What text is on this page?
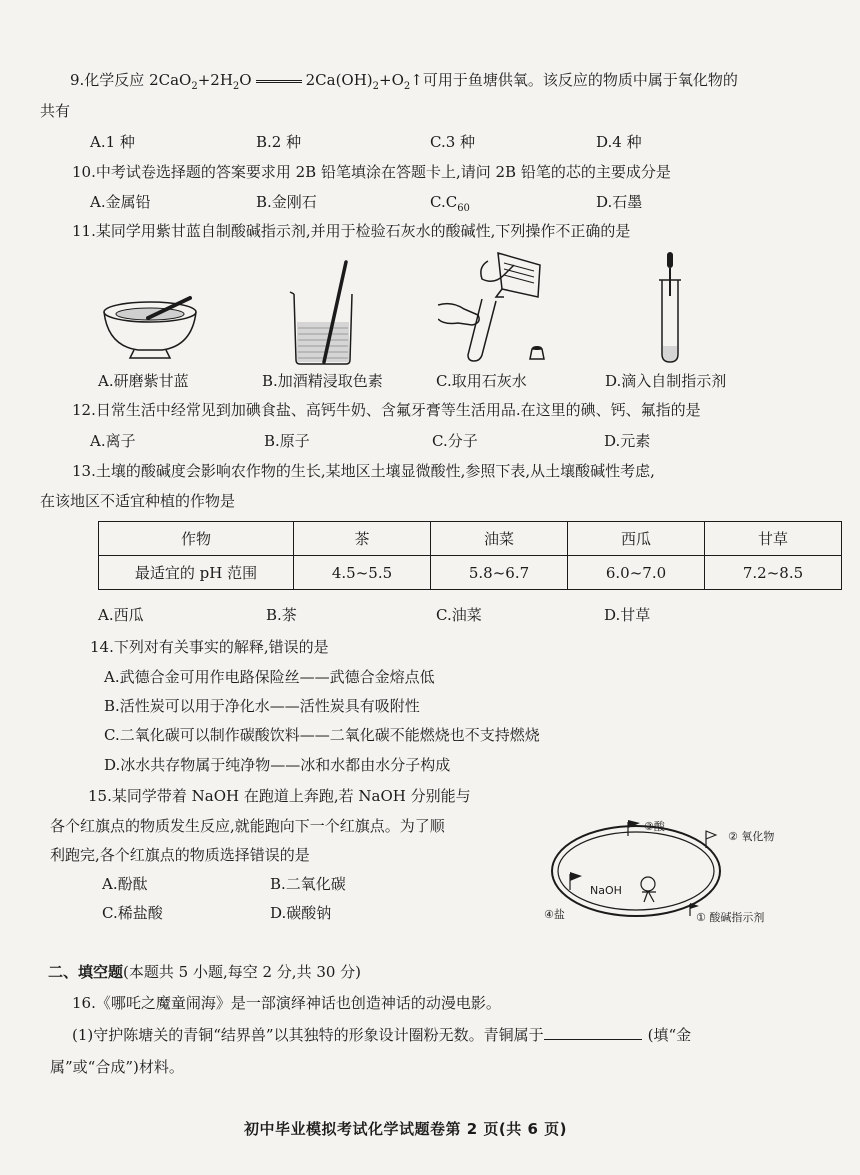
9.化学反应 $2CaO_2+2H_2O$	$2Ca(OH)_2+O_2↑$可用于鱼塘供氧。该反应的物质中属于氧化物的
共有
A.1 种	B.2 种	C.3 种	D.4 种
10.中考试卷选择题的答案要求用 2B 铅笔填涂在答题卡上,请问 2B 铅笔的芯的主要成分是
A.金属铅	B.金刚石	$C.C_{60}$	D.石墨
11.某同学用紫甘蓝自制酸碱指示剂,并用于检验石灰水的酸碱性,下列操作不正确的是
A.研磨紫甘蓝	B.加酒精浸取色素	C.取用石灰水	D.滴入自制指示剂
12.日常生活中经常见到加碘食盐、高钙牛奶、含氟牙膏等生活用品.在这里的碘、钙、氟指的是
A.离子	B.原子	C.分子	D.元素
13.土壤的酸碱度会影响农作物的生长,某地区土壤显微酸性,参照下表,从土壤酸碱性考虑,
在该地区不适宜种植的作物是
作物	茶	油菜	西瓜	甘草
最适宜的 pH 范围	4.5~5.5	5.8~6.7	6.0~7.0	7.2~8.5
A.西瓜	B.茶	C.油菜	D.甘草
14.下列对有关事实的解释,错误的是
A.武德合金可用作电路保险丝——武德合金熔点低
B.活性炭可以用于净化水——活性炭具有吸附性
C.二氧化碳可以制作碳酸饮料——二氧化碳不能燃烧也不支持燃烧
D.冰水共存物属于纯净物——冰和水都由水分子构成
15.某同学带着 NaOH 在跑道上奔跑,若 NaOH 分别能与
各个红旗点的物质发生反应,就能跑向下一个红旗点。为了顺
利跑完,各个红旗点的物质选择错误的是
A.酚酞	B.二氧化碳
C.稀盐酸	D.碳酸钠
③酸
② 氧化物
NaOH
④盐	① 酸碱指示剂
二、填空题(本题共 5 小题,每空 2 分,共 30 分)
16.《哪吒之魔童闹海》是一部演绎神话也创造神话的动漫电影。
(1)守护陈塘关的青铜“结界兽”以其独特的形象设计圈粉无数。青铜属于	(填“金
属”或“合成”)材料。
初中毕业模拟考试化学试题卷第 2 页(共 6 页)
